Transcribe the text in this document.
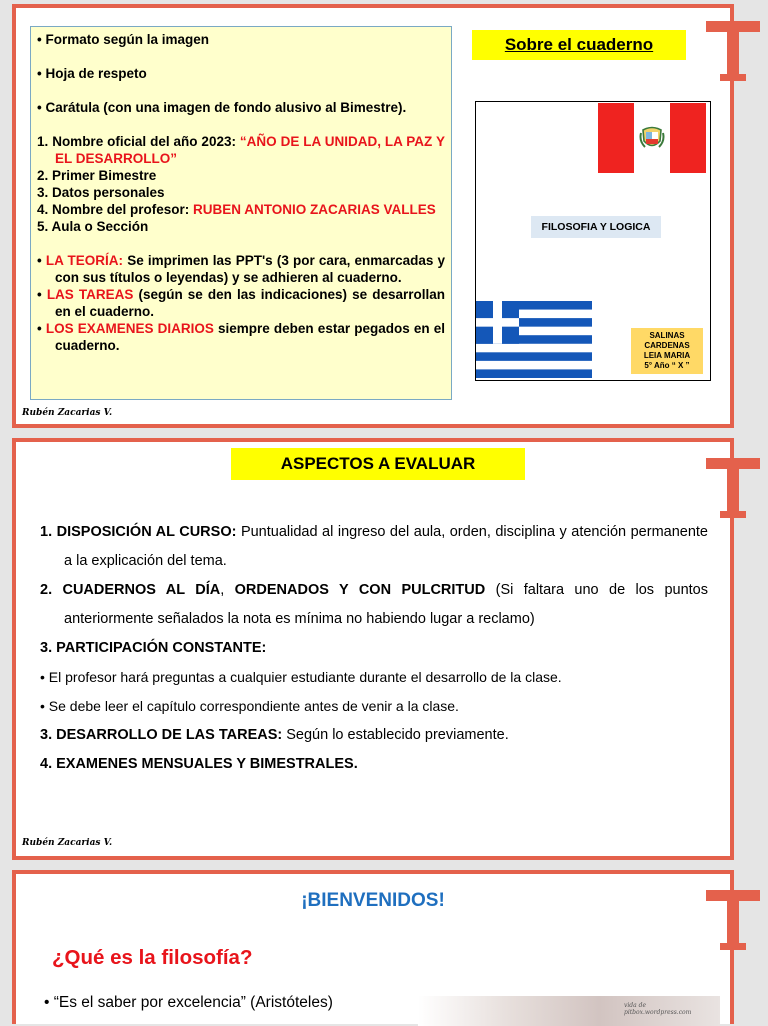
• Formato según la imagen

• Hoja de respeto

• Carátula (con una imagen de fondo alusivo al Bimestre).

1. Nombre oficial del año 2023: “AÑO DE LA UNIDAD, LA PAZ Y EL DESARROLLO”

2. Primer Bimestre

3. Datos personales

4. Nombre del profesor: RUBEN ANTONIO ZACARIAS VALLES

5. Aula o Sección

• LA TEORÍA: Se imprimen las PPT's (3 por cara, enmarcadas y con sus títulos o leyendas) y se adhieren al cuaderno.

• LAS TAREAS (según se den las indicaciones) se desarrollan en el cuaderno.

• LOS EXAMENES DIARIOS siempre deben estar pegados en el cuaderno.

Sobre el cuaderno
FILOSOFIA Y LOGICA
SALINAS
CARDENAS
LEIA MARIA
5° Año “ X ”
Rubén Zacarias V.
ASPECTOS A EVALUAR

1. DISPOSICIÓN AL CURSO: Puntualidad al ingreso del aula, orden, disciplina y atención permanente a la explicación del tema.

2. CUADERNOS AL DÍA, ORDENADOS Y CON PULCRITUD (Si faltara uno de los puntos anteriormente señalados la nota es mínima no habiendo lugar a reclamo)

3. PARTICIPACIÓN CONSTANTE:

• El profesor hará preguntas a cualquier estudiante durante el desarrollo de la clase.

• Se debe leer el capítulo correspondiente antes de venir a la clase.

3. DESARROLLO DE LAS TAREAS: Según lo establecido previamente.

4. EXAMENES MENSUALES Y BIMESTRALES.

Rubén Zacarias V.
¡BIENVENIDOS!
¿Qué es la filosofía?
• “Es el saber por excelencia” (Aristóteles)	vida de
pitbox.wordpress.com
